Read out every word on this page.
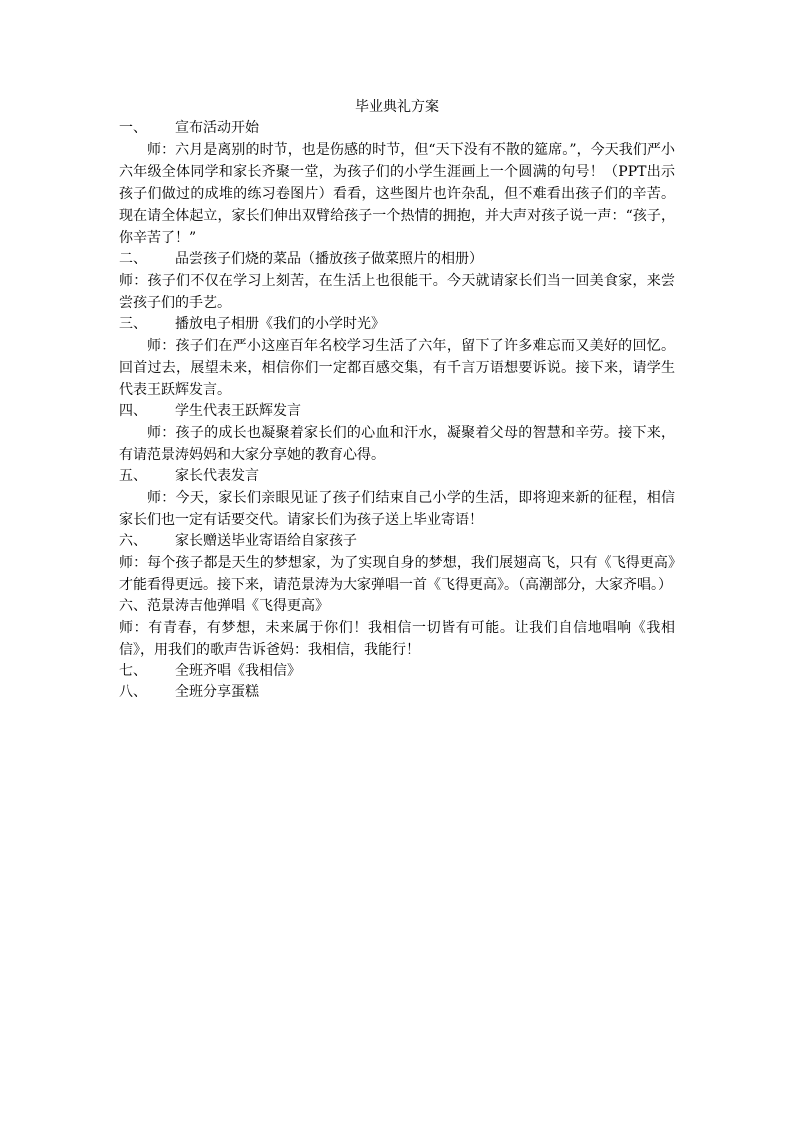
毕业典礼方案
一、 宣布活动开始
师：六月是离别的时节，也是伤感的时节，但“天下没有不散的筵席。”，今天我们严小六年级全体同学和家长齐聚一堂，为孩子们的小学生涯画上一个圆满的句号！（PPT出示孩子们做过的成堆的练习卷图片）看看，这些图片也许杂乱，但不难看出孩子们的辛苦。现在请全体起立，家长们伸出双臂给孩子一个热情的拥抱，并大声对孩子说一声：“孩子，你辛苦了！”
二、 品尝孩子们烧的菜品（播放孩子做菜照片的相册）
师：孩子们不仅在学习上刻苦，在生活上也很能干。今天就请家长们当一回美食家，来尝尝孩子们的手艺。
三、 播放电子相册《我们的小学时光》
师：孩子们在严小这座百年名校学习生活了六年，留下了许多难忘而又美好的回忆。回首过去，展望未来，相信你们一定都百感交集，有千言万语想要诉说。接下来，请学生代表王跃辉发言。
四、 学生代表王跃辉发言
师：孩子的成长也凝聚着家长们的心血和汗水，凝聚着父母的智慧和辛劳。接下来，有请范景涛妈妈和大家分享她的教育心得。
五、 家长代表发言
师：今天，家长们亲眼见证了孩子们结束自己小学的生活，即将迎来新的征程，相信家长们也一定有话要交代。请家长们为孩子送上毕业寄语！
六、 家长赠送毕业寄语给自家孩子
师：每个孩子都是天生的梦想家，为了实现自身的梦想，我们展翅高飞，只有《飞得更高》才能看得更远。接下来，请范景涛为大家弹唱一首《飞得更高》。（高潮部分，大家齐唱。）
六、范景涛吉他弹唱《飞得更高》
师：有青春，有梦想，未来属于你们！我相信一切皆有可能。让我们自信地唱响《我相信》，用我们的歌声告诉爸妈：我相信，我能行！
七、 全班齐唱《我相信》
八、 全班分享蛋糕
